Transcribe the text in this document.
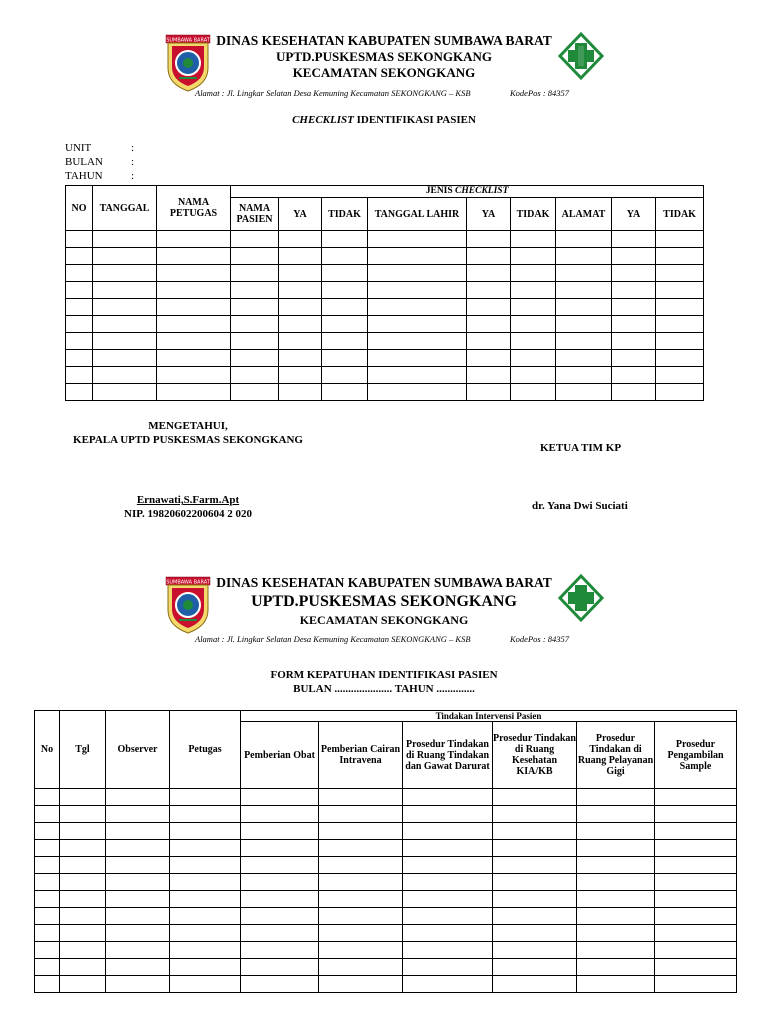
SUMBAWA BARAT DINAS KESEHATAN KABUPATEN SUMBAWA BARAT
UPTD.PUSKESMAS SEKONGKANG
KECAMATAN SEKONGKANG
Alamat : Jl. Lingkar Selatan Desa Kemuning Kecamatan SEKONGKANG – KSB	KodePos : 84357
CHECKLIST IDENTIFIKASI PASIEN
UNIT	:
BULAN	:
TAHUN	:
NO	TANGGAL	NAMA PETUGAS	JENIS CHECKLIST								
			NAMA PASIEN	YA	TIDAK	TANGGAL LAHIR	YA	TIDAK	ALAMAT	YA	TIDAK

MENGETAHUI,
KEPALA UPTD PUSKESMAS SEKONGKANG
KETUA TIM KP
Ernawati,S.Farm.Apt
NIP. 19820602200604 2 020
dr. Yana Dwi Suciati
SUMBAWA BARAT DINAS KESEHATAN KABUPATEN SUMBAWA BARAT
UPTD.PUSKESMAS SEKONGKANG
KECAMATAN SEKONGKANG
Alamat : Jl. Lingkar Selatan Desa Kemuning Kecamatan SEKONGKANG – KSB	KodePos : 84357
FORM KEPATUHAN IDENTIFIKASI PASIEN
BULAN ..................... TAHUN ..............
No	Tgl	Observer	Petugas	Tindakan Intervensi Pasien					
				Pemberian Obat	Pemberian Cairan Intravena	Prosedur Tindakan di Ruang Tindakan dan Gawat Darurat	Prosedur Tindakan di Ruang Kesehatan KIA/KB	Prosedur Tindakan di Ruang Pelayanan Gigi	Prosedur Pengambilan Sample
